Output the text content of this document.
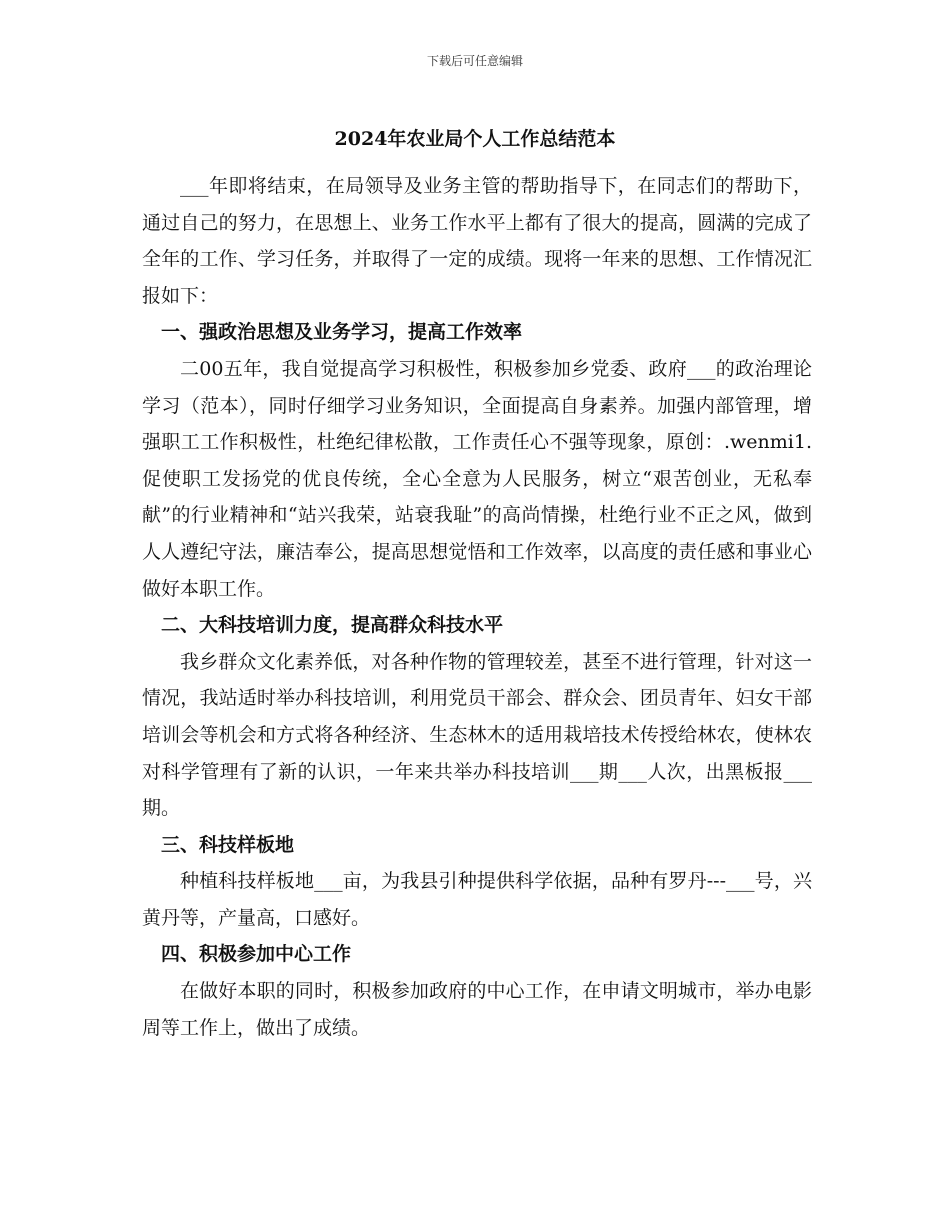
下载后可任意编辑
2024年农业局个人工作总结范本

___年即将结束，在局领导及业务主管的帮助指导下，在同志们的帮助下，通过自己的努力，在思想上、业务工作水平上都有了很大的提高，圆满的完成了全年的工作、学习任务，并取得了一定的成绩。现将一年来的思想、工作情况汇报如下：

一、强政治思想及业务学习，提高工作效率

二00五年，我自觉提高学习积极性，积极参加乡党委、政府___的政治理论学习（范本），同时仔细学习业务知识，全面提高自身素养。加强内部管理，增强职工工作积极性，杜绝纪律松散，工作责任心不强等现象，原创：.wenmi1.促使职工发扬党的优良传统，全心全意为人民服务，树立“艰苦创业，无私奉献”的行业精神和“站兴我荣，站衰我耻”的高尚情操，杜绝行业不正之风，做到人人遵纪守法，廉洁奉公，提高思想觉悟和工作效率，以高度的责任感和事业心做好本职工作。

二、大科技培训力度，提高群众科技水平

我乡群众文化素养低，对各种作物的管理较差，甚至不进行管理，针对这一情况，我站适时举办科技培训，利用党员干部会、群众会、团员青年、妇女干部培训会等机会和方式将各种经济、生态林木的适用栽培技术传授给林农，使林农对科学管理有了新的认识，一年来共举办科技培训___期___人次，出黑板报___期。

三、科技样板地

种植科技样板地___亩，为我县引种提供科学依据，品种有罗丹---___号，兴黄丹等，产量高，口感好。

四、积极参加中心工作

在做好本职的同时，积极参加政府的中心工作，在申请文明城市，举办电影周等工作上，做出了成绩。
